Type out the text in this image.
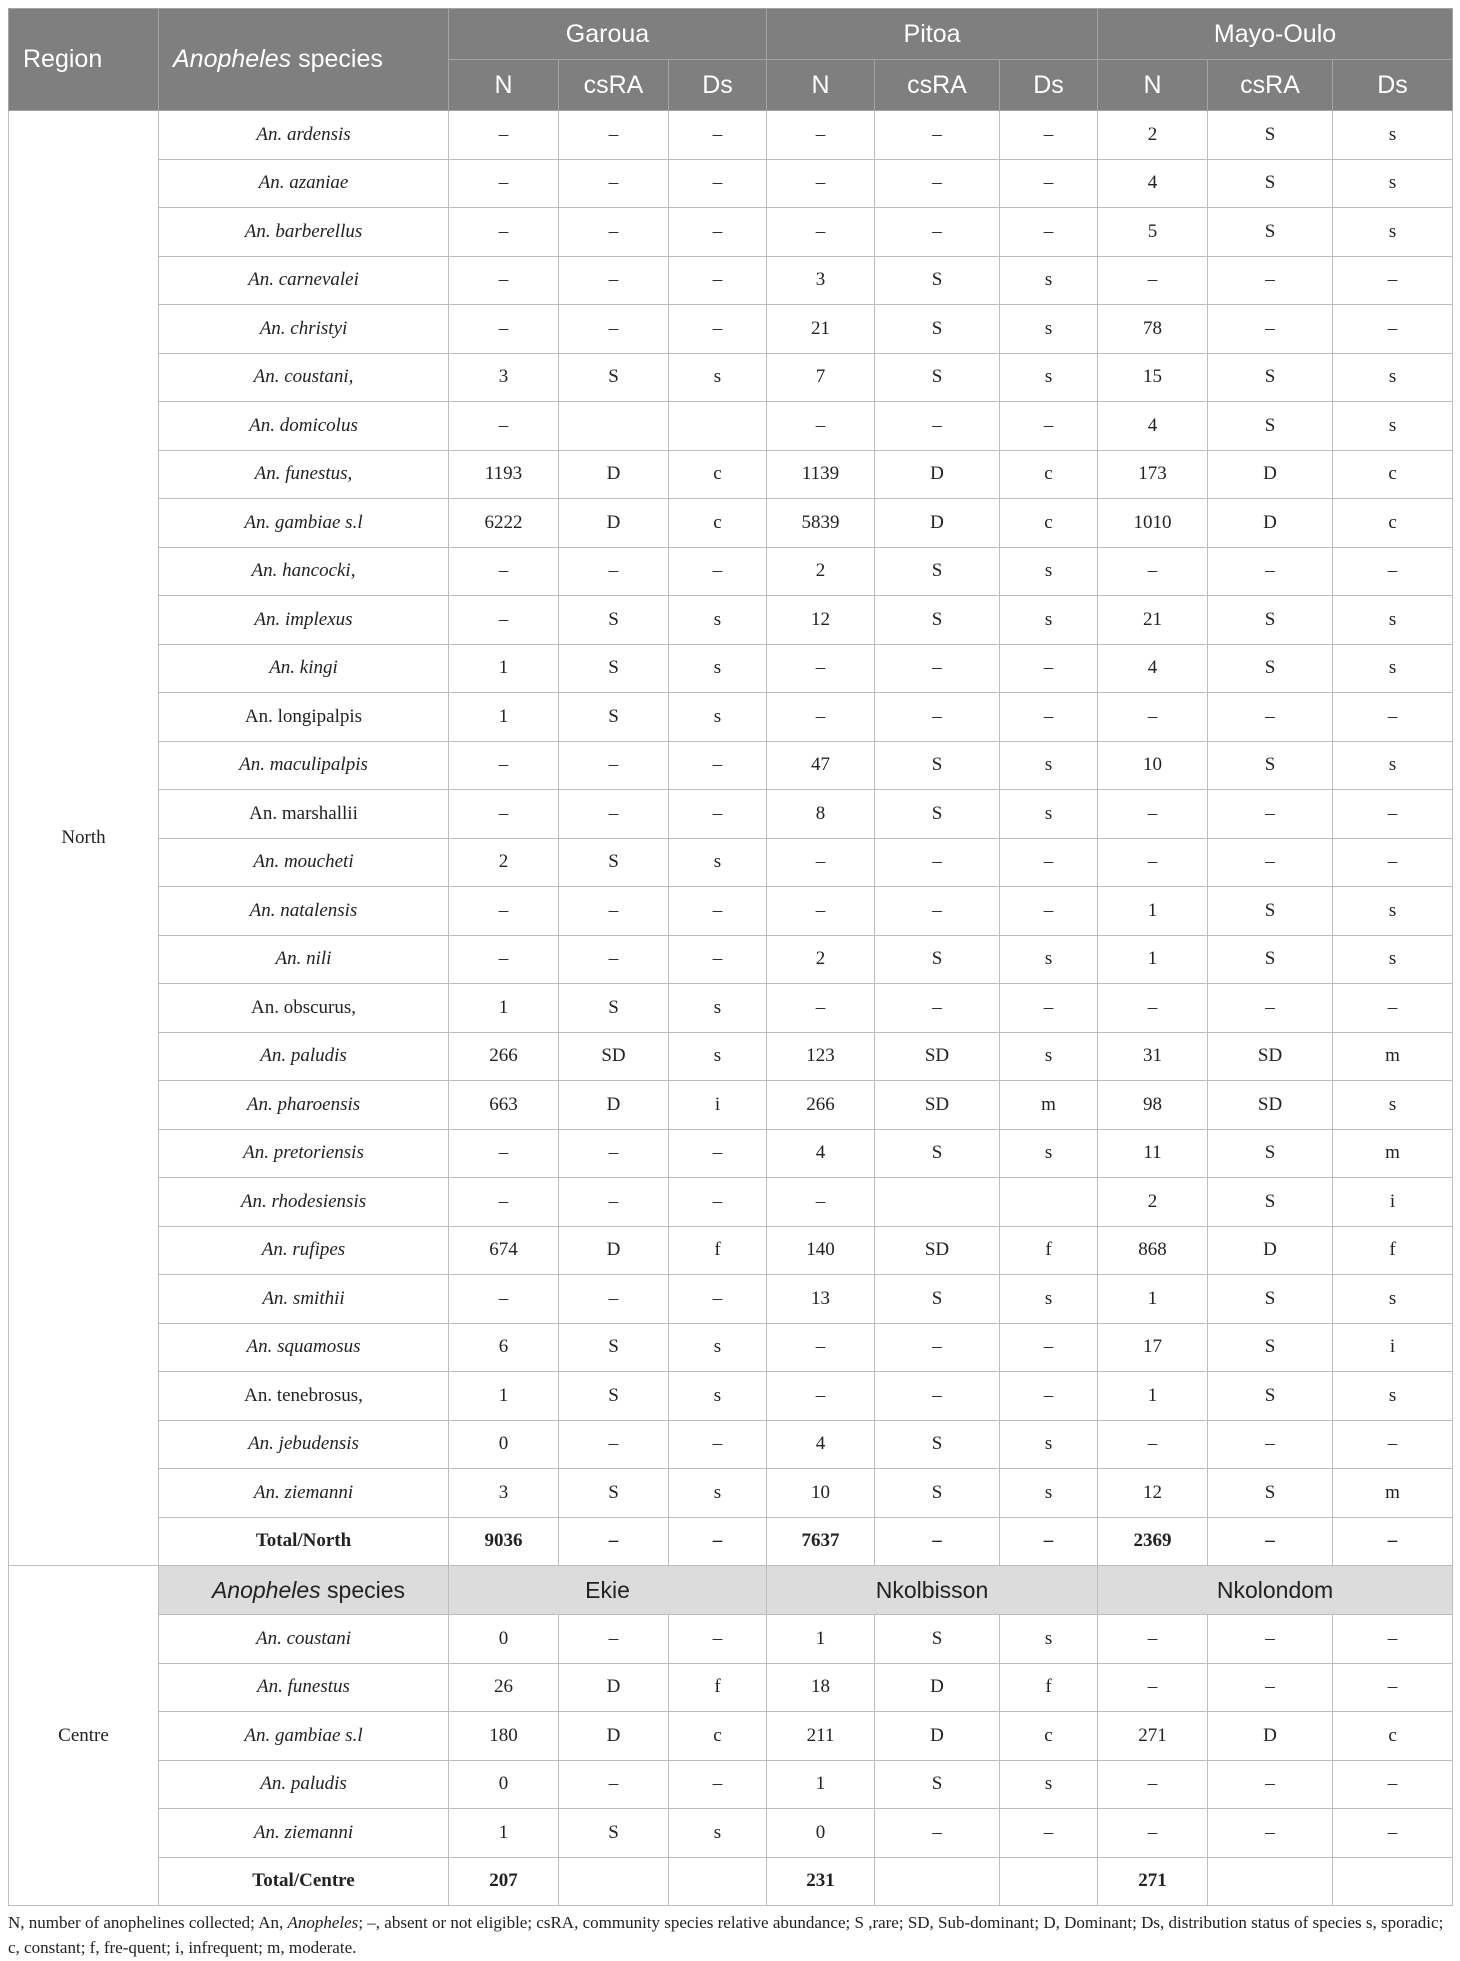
Region	Anopheles species	Garoua			Pitoa			Mayo-Oulo		
		N	csRA	Ds	N	csRA	Ds	N	csRA	Ds
North	An. ardensis	–	–	–	–	–	–	2	S	s
	An. azaniae	–	–	–	–	–	–	4	S	s
	An. barberellus	–	–	–	–	–	–	5	S	s
	An. carnevalei	–	–	–	3	S	s	–	–	–
	An. christyi	–	–	–	21	S	s	78	–	–
	An. coustani,	3	S	s	7	S	s	15	S	s
	An. domicolus	–			–	–	–	4	S	s
	An. funestus,	1193	D	c	1139	D	c	173	D	c
	An. gambiae s.l	6222	D	c	5839	D	c	1010	D	c
	An. hancocki,	–	–	–	2	S	s	–	–	–
	An. implexus	–	S	s	12	S	s	21	S	s
	An. kingi	1	S	s	–	–	–	4	S	s
	An. longipalpis	1	S	s	–	–	–	–	–	–
	An. maculipalpis	–	–	–	47	S	s	10	S	s
	An. marshallii	–	–	–	8	S	s	–	–	–
	An. moucheti	2	S	s	–	–	–	–	–	–
	An. natalensis	–	–	–	–	–	–	1	S	s
	An. nili	–	–	–	2	S	s	1	S	s
	An. obscurus,	1	S	s	–	–	–	–	–	–
	An. paludis	266	SD	s	123	SD	s	31	SD	m
	An. pharoensis	663	D	i	266	SD	m	98	SD	s
	An. pretoriensis	–	–	–	4	S	s	11	S	m
	An. rhodesiensis	–	–	–	–			2	S	i
	An. rufipes	674	D	f	140	SD	f	868	D	f
	An. smithii	–	–	–	13	S	s	1	S	s
	An. squamosus	6	S	s	–	–	–	17	S	i
	An. tenebrosus,	1	S	s	–	–	–	1	S	s
	An. jebudensis	0	–	–	4	S	s	–	–	–
	An. ziemanni	3	S	s	10	S	s	12	S	m
	Total/North	9036	–	–	7637	–	–	2369	–	–
Centre	Anopheles species	Ekie			Nkolbisson			Nkolondom		
	An. coustani	0	–	–	1	S	s	–	–	–
	An. funestus	26	D	f	18	D	f	–	–	–
	An. gambiae s.l	180	D	c	211	D	c	271	D	c
	An. paludis	0	–	–	1	S	s	–	–	–
	An. ziemanni	1	S	s	0	–	–	–	–	–
	Total/Centre	207			231			271		
N, number of anophelines collected; An, Anopheles; –, absent or not eligible; csRA, community species relative abundance; S ,rare; SD, Sub-dominant; D, Dominant; Ds, distribution status of species s, sporadic; c, constant; f, fre-quent; i, infrequent; m, moderate.
